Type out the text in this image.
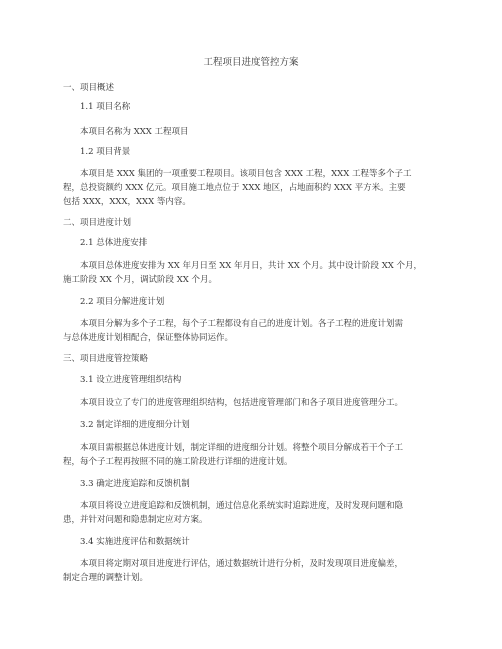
工程项目进度管控方案
一、项目概述
1.1 项目名称
本项目名称为 XXX 工程项目
1.2 项目背景
本项目是 XXX 集团的一项重要工程项目。该项目包含 XXX 工程，XXX 工程等多个子工
程，总投资额约 XXX 亿元。项目施工地点位于 XXX 地区，占地面积约 XXX 平方米。主要
包括 XXX，XXX，XXX 等内容。
二、项目进度计划
2.1 总体进度安排
本项目总体进度安排为 XX 年月日至 XX 年月日，共计 XX 个月。其中设计阶段 XX 个月，
施工阶段 XX 个月，调试阶段 XX 个月。
2.2 项目分解进度计划
本项目分解为多个子工程，每个子工程都设有自己的进度计划。各子工程的进度计划需
与总体进度计划相配合，保证整体协同运作。
三、项目进度管控策略
3.1 设立进度管理组织结构
本项目设立了专门的进度管理组织结构，包括进度管理部门和各子项目进度管理分工。
3.2 制定详细的进度细分计划
本项目需根据总体进度计划，制定详细的进度细分计划。将整个项目分解成若干个子工
程，每个子工程再按照不同的施工阶段进行详细的进度计划。
3.3 确定进度追踪和反馈机制
本项目将设立进度追踪和反馈机制，通过信息化系统实时追踪进度，及时发现问题和隐
患，并针对问题和隐患制定应对方案。
3.4 实施进度评估和数据统计
本项目将定期对项目进度进行评估，通过数据统计进行分析，及时发现项目进度偏差，
制定合理的调整计划。
